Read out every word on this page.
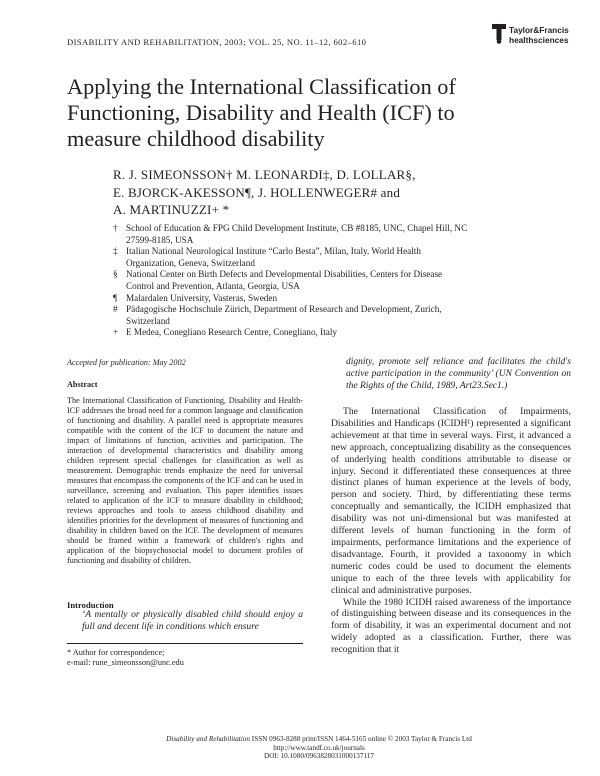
DISABILITY AND REHABILITATION, 2003; VOL. 25, NO. 11–12, 602–610
Taylor&Francis
healthsciences
Applying the International Classification of
Functioning, Disability and Health (ICF) to
measure childhood disability
R. J. SIMEONSSON† M. LEONARDI‡, D. LOLLAR§,
E. BJORCK-AKESSON¶, J. HOLLENWEGER# and
A. MARTINUZZI+ *
† School of Education & FPG Child Development Institute, CB #8185, UNC, Chapel Hill, NC
27599-8185, USA
‡ Italian National Neurological Institute “Carlo Besta”, Milan, Italy. World Health
Organization, Geneva, Switzerland
§ National Center on Birth Defects and Developmental Disabilities, Centers for Disease
Control and Prevention, Atlanta, Georgia, USA
¶ Malardalen University, Vasteras, Sweden
# Pädagogische Hochschule Zürich, Department of Research and Development, Zurich,
Switzerland
+ E Medea, Conegliano Research Centre, Conegliano, Italy
Accepted for publication: May 2002
Abstract
The International Classification of Functioning, Disability and Health-ICF addresses the broad need for a common language and classification of functioning and disability. A parallel need is appropriate measures compatible with the content of the ICF to document the nature and impact of limitations of function, activities and participation. The interaction of developmental characteristics and disability among children represent special challenges for classification as well as measurement. Demographic trends emphasize the need for universal measures that encompass the components of the ICF and can be used in surveillance, screening and evaluation. This paper identifies issues related to application of the ICF to measure disability in childhood; reviews approaches and tools to assess childhood disability and identifies priorities for the development of measures of functioning and disability in children based on the ICF. The development of measures should be framed within a framework of children's rights and application of the biopsychosocial model to document profiles of functioning and disability of children.
Introduction
‘A mentally or physically disabled child should enjoy a full and decent life in conditions which ensure
* Author for correspondence;
e-mail: rune_simeonsson@unc.edu
dignity, promote self reliance and facilitates the child's active participation in the community’ (UN Convention on the Rights of the Child, 1989, Art23.Sec1.)

The International Classification of Impairments, Disabilities and Handicaps (ICIDH¹) represented a significant achievement at that time in several ways. First, it advanced a new approach, conceptualizing disability as the consequences of underlying health conditions attributable to disease or injury. Second it differentiated these consequences at three distinct planes of human experience at the levels of body, person and society. Third, by differentiating these terms conceptually and semantically, the ICIDH emphasized that disability was not uni-dimensional but was manifested at different levels of human functioning in the form of impairments, performance limitations and the experience of disadvantage. Fourth, it provided a taxonomy in which numeric codes could be used to document the elements unique to each of the three levels with applicability for clinical and administrative purposes.

While the 1980 ICIDH raised awareness of the importance of distinguishing between disease and its consequences in the form of disability, it was an experimental document and not widely adopted as a classification. Further, there was recognition that it

Disability and Rehabilitation ISSN 0963-8288 print/ISSN 1464-5165 online © 2003 Taylor & Francis Ltd
http://www.tandf.co.uk/journals
DOI: 10.1080/0963828031000137117
